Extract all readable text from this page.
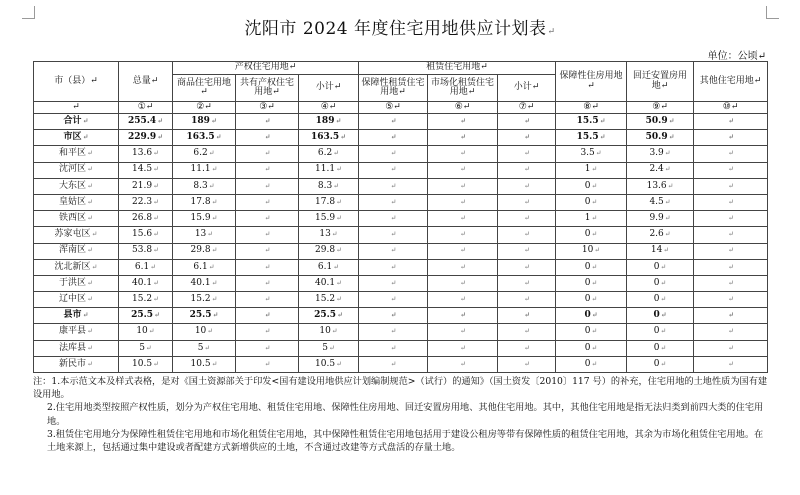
沈阳市 2024 年度住宅用地供应计划表↵
单位：公顷↵
市（县）↵	总量↵	产权住宅用地↵			租赁住宅用地↵			保障性住房用地↵	回迁安置房用地↵	其他住宅用地↵
		商品住宅用地↵	共有产权住宅用地↵	小计↵	保障性租赁住宅用地↵	市场化租赁住宅用地↵	小计↵			
↵	①↵	②↵	③↵	④↵	⑤↵	⑥↵	⑦↵	⑧↵	⑨↵	⑩↵
合计↵	255.4↵	189↵	↵	189↵	↵	↵	↵	15.5↵	50.9↵	↵
市区↵	229.9↵	163.5↵	↵	163.5↵	↵	↵	↵	15.5↵	50.9↵	↵
和平区↵	13.6↵	6.2↵	↵	6.2↵	↵	↵	↵	3.5↵	3.9↵	↵
沈河区↵	14.5↵	11.1↵	↵	11.1↵	↵	↵	↵	1↵	2.4↵	↵
大东区↵	21.9↵	8.3↵	↵	8.3↵	↵	↵	↵	0↵	13.6↵	↵
皇姑区↵	22.3↵	17.8↵	↵	17.8↵	↵	↵	↵	0↵	4.5↵	↵
铁西区↵	26.8↵	15.9↵	↵	15.9↵	↵	↵	↵	1↵	9.9↵	↵
苏家屯区↵	15.6↵	13↵	↵	13↵	↵	↵	↵	0↵	2.6↵	↵
浑南区↵	53.8↵	29.8↵	↵	29.8↵	↵	↵	↵	10↵	14↵	↵
沈北新区↵	6.1↵	6.1↵	↵	6.1↵	↵	↵	↵	0↵	0↵	↵
于洪区↵	40.1↵	40.1↵	↵	40.1↵	↵	↵	↵	0↵	0↵	↵
辽中区↵	15.2↵	15.2↵	↵	15.2↵	↵	↵	↵	0↵	0↵	↵
县市↵	25.5↵	25.5↵	↵	25.5↵	↵	↵	↵	0↵	0↵	↵
康平县↵	10↵	10↵	↵	10↵	↵	↵	↵	0↵	0↵	↵
法库县↵	5↵	5↵	↵	5↵	↵	↵	↵	0↵	0↵	↵
新民市↵	10.5↵	10.5↵	↵	10.5↵	↵	↵	↵	0↵	0↵	↵

注：1.本示范文本及样式表格，是对《国土资源部关于印发<国有建设用地供应计划编制规范>（试行）的通知》（国土资发〔2010〕117 号）的补充，住宅用地的土地性质为国有建设用地。

2.住宅用地类型按照产权性质，划分为产权住宅用地、租赁住宅用地、保障性住房用地、回迁安置房用地、其他住宅用地。其中，其他住宅用地是指无法归类到前四大类的住宅用地。

3.租赁住宅用地分为保障性租赁住宅用地和市场化租赁住宅用地，其中保障性租赁住宅用地包括用于建设公租房等带有保障性质的租赁住宅用地，其余为市场化租赁住宅用地。在土地来源上，包括通过集中建设或者配建方式新增供应的土地，不含通过改建等方式盘活的存量土地。
